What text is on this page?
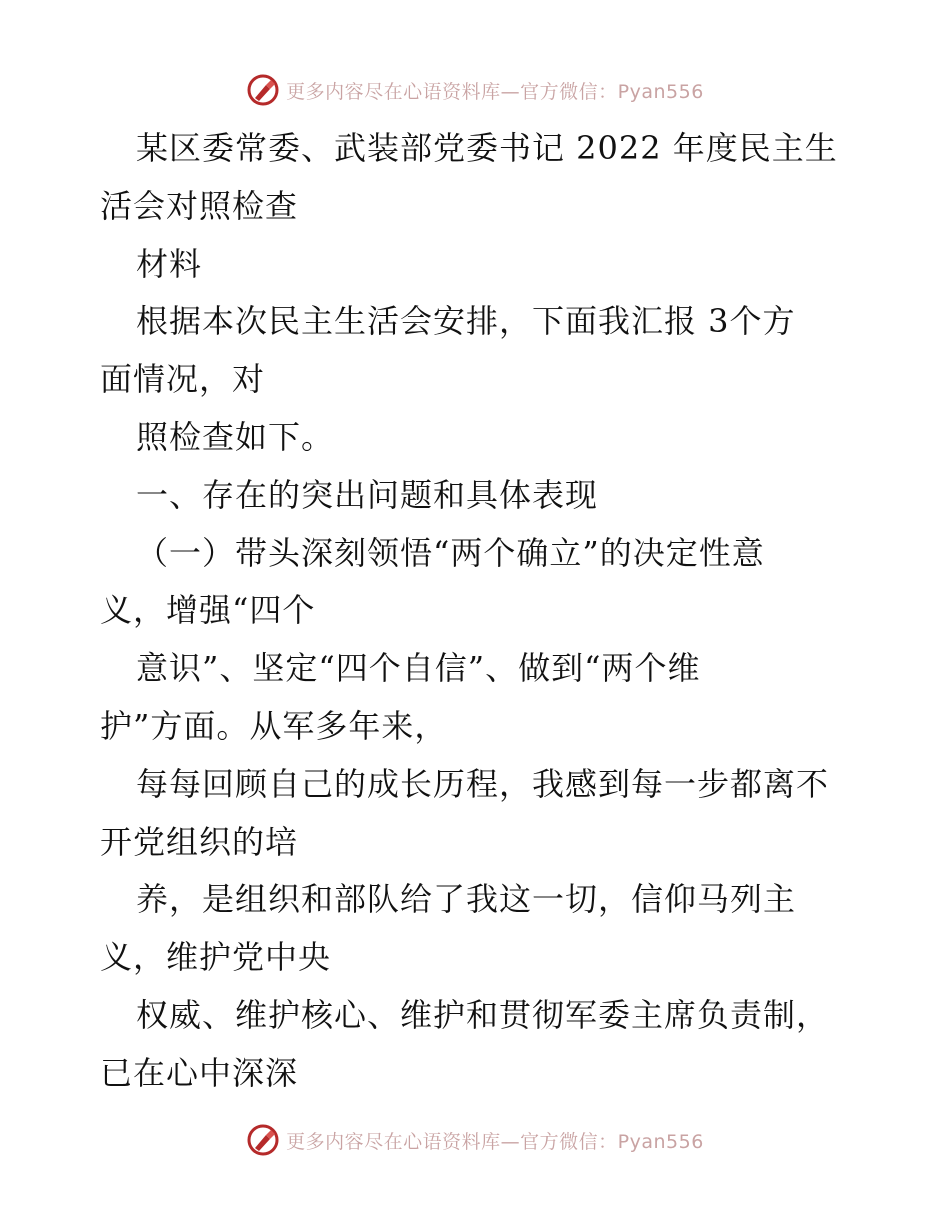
更多内容尽在心语资料库—官方微信：Pyan556
某区委常委、武装部党委书记 2022 年度民主生
活会对照检查
材料
根据本次民主生活会安排，下面我汇报 3个方
面情况，对
照检查如下。
一、存在的突出问题和具体表现
（一）带头深刻领悟“两个确立”的决定性意
义，增强“四个
意识”、坚定“四个自信”、做到“两个维
护”方面。从军多年来，
每每回顾自己的成长历程，我感到每一步都离不
开党组织的培
养，是组织和部队给了我这一切，信仰马列主
义，维护党中央
权威、维护核心、维护和贯彻军委主席负责制，
已在心中深深
更多内容尽在心语资料库—官方微信：Pyan556
